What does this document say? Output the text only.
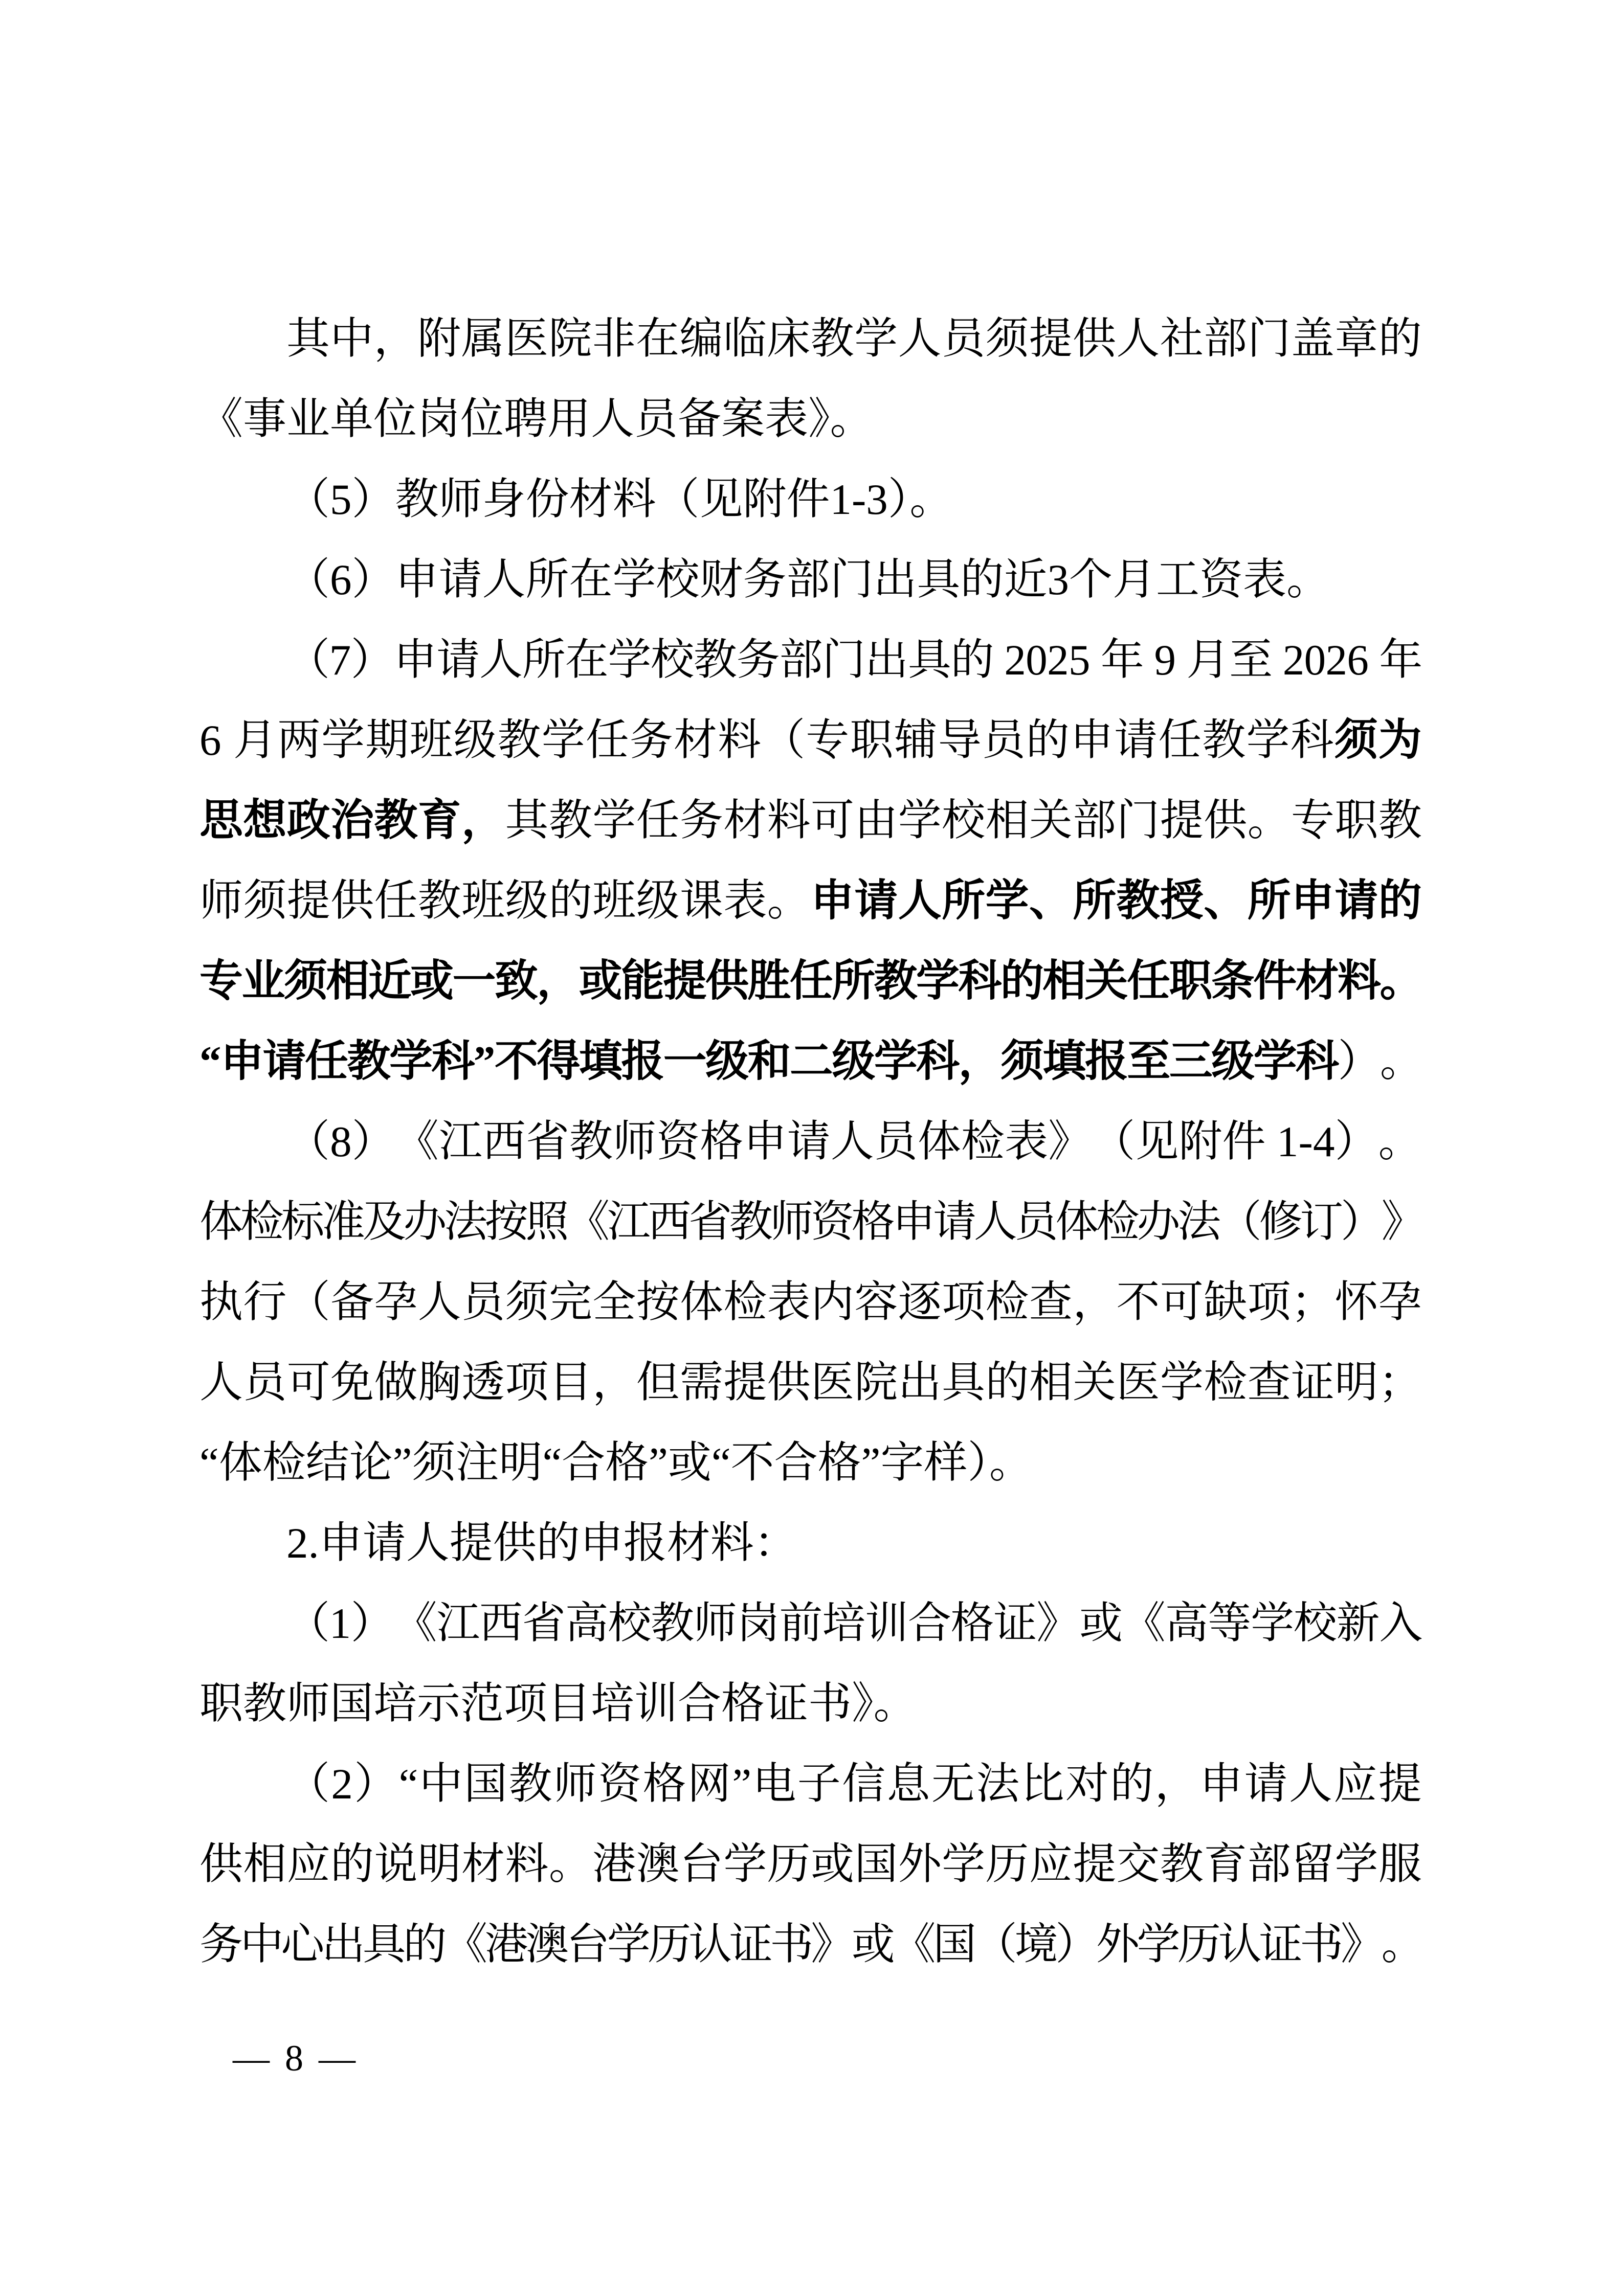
其 中 ， 附 属 医 院 非 在 编 临 床 教 学 人 员 须 提 供 人 社 部 门 盖 章 的
《事业单位岗位聘用人员备案表》。
（5）教师身份材料（见附件1-3）。
（6）申请人所在学校财务部门出具的近3个月工资表。
（
7 ）
申
请
人
所
在
学
校
教
务
部
门
出
具
的
2 0 2 5
年
9
月
至
2 0 2 6
年
6
月 两 学 期 班 级 教 学 任 务 材 料 （ 专 职 辅 导 员 的 申 请 任 教 学 科 须 为
思 想 政 治 教 育 ， 其 教 学 任 务 材 料 可 由 学 校 相 关 部 门 提 供 。 专 职 教
师 须 提 供 任 教 班 级 的 班 级 课 表 。 申 请 人 所 学 、 所 教 授 、 所 申 请 的
专
业
须
相
近
或
一
致
，
或
能
提
供
胜
任
所
教
学
科
的
相
关
任
职
条
件
材
料
。
“
申
请
任
教
学
科
”
不
得
填
报
一
级
和
二
级
学
科
，
须
填
报
至
三
级
学
科
）
。
（ 8 ） 《 江 西 省 教 师 资 格 申 请 人 员 体 检 表 》 （ 见 附 件
1 - 4 ） 。
体
检
标
准
及
办
法
按
照
《
江
西
省
教
师
资
格
申
请
人
员
体
检
办
法
（
修
订
）
》
执 行 （ 备 孕 人 员 须 完 全 按 体 检 表 内 容 逐 项 检 查 ， 不 可 缺 项 ； 怀 孕
人 员 可 免 做 胸 透 项 目 ， 但 需 提 供 医 院 出 具 的 相 关 医 学 检 查 证 明 ；
“体检结论”须注明“合格”或“不合格”字样）。
2.申请人提供的申报材料：
（
1 ）
《
江
西
省
高
校
教
师
岗
前
培
训
合
格
证
》
或
《
高
等
学
校
新
入
职教师国培示范项目培训合格证书》。
（ 2 ） “ 中 国 教 师 资 格 网 ” 电 子 信 息 无 法 比 对 的 ， 申 请 人 应 提
供 相 应 的 说 明 材 料 。 港 澳 台 学 历 或 国 外 学 历 应 提 交 教 育 部 留 学 服
务
中
心
出
具
的
《
港
澳
台
学
历
认
证
书
》
或
《
国
（
境
）
外
学
历
认
证
书
》
。
— 8 —
